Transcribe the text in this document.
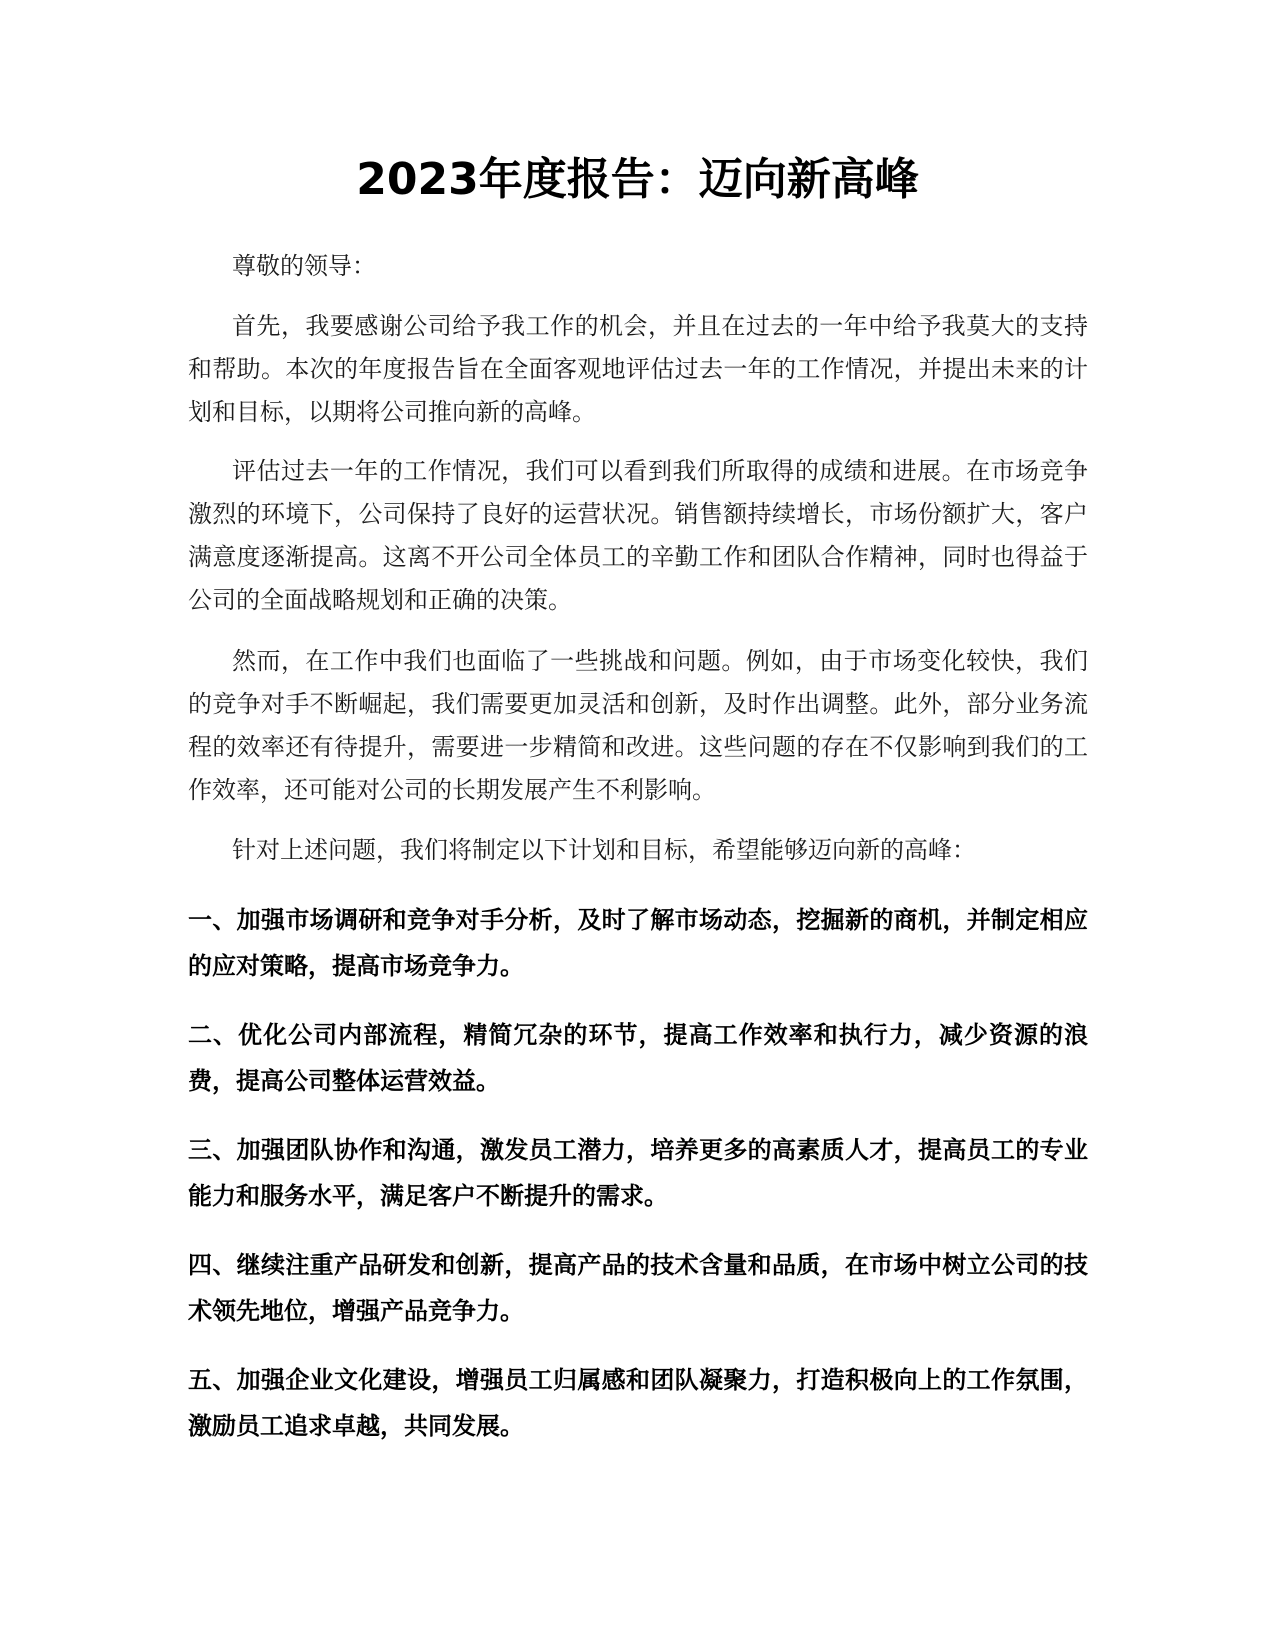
2023年度报告：迈向新高峰

尊敬的领导：

首先，我要感谢公司给予我工作的机会，并且在过去的一年中给予我莫大的支持和帮助。本次的年度报告旨在全面客观地评估过去一年的工作情况，并提出未来的计划和目标，以期将公司推向新的高峰。

评估过去一年的工作情况，我们可以看到我们所取得的成绩和进展。在市场竞争激烈的环境下，公司保持了良好的运营状况。销售额持续增长，市场份额扩大，客户满意度逐渐提高。这离不开公司全体员工的辛勤工作和团队合作精神，同时也得益于公司的全面战略规划和正确的决策。

然而，在工作中我们也面临了一些挑战和问题。例如，由于市场变化较快，我们的竞争对手不断崛起，我们需要更加灵活和创新，及时作出调整。此外，部分业务流程的效率还有待提升，需要进一步精简和改进。这些问题的存在不仅影响到我们的工作效率，还可能对公司的长期发展产生不利影响。

针对上述问题，我们将制定以下计划和目标，希望能够迈向新的高峰：

一、加强市场调研和竞争对手分析，及时了解市场动态，挖掘新的商机，并制定相应的应对策略，提高市场竞争力。

二、优化公司内部流程，精简冗杂的环节，提高工作效率和执行力，减少资源的浪费，提高公司整体运营效益。

三、加强团队协作和沟通，激发员工潜力，培养更多的高素质人才，提高员工的专业能力和服务水平，满足客户不断提升的需求。

四、继续注重产品研发和创新，提高产品的技术含量和品质，在市场中树立公司的技术领先地位，增强产品竞争力。

五、加强企业文化建设，增强员工归属感和团队凝聚力，打造积极向上的工作氛围，激励员工追求卓越，共同发展。
